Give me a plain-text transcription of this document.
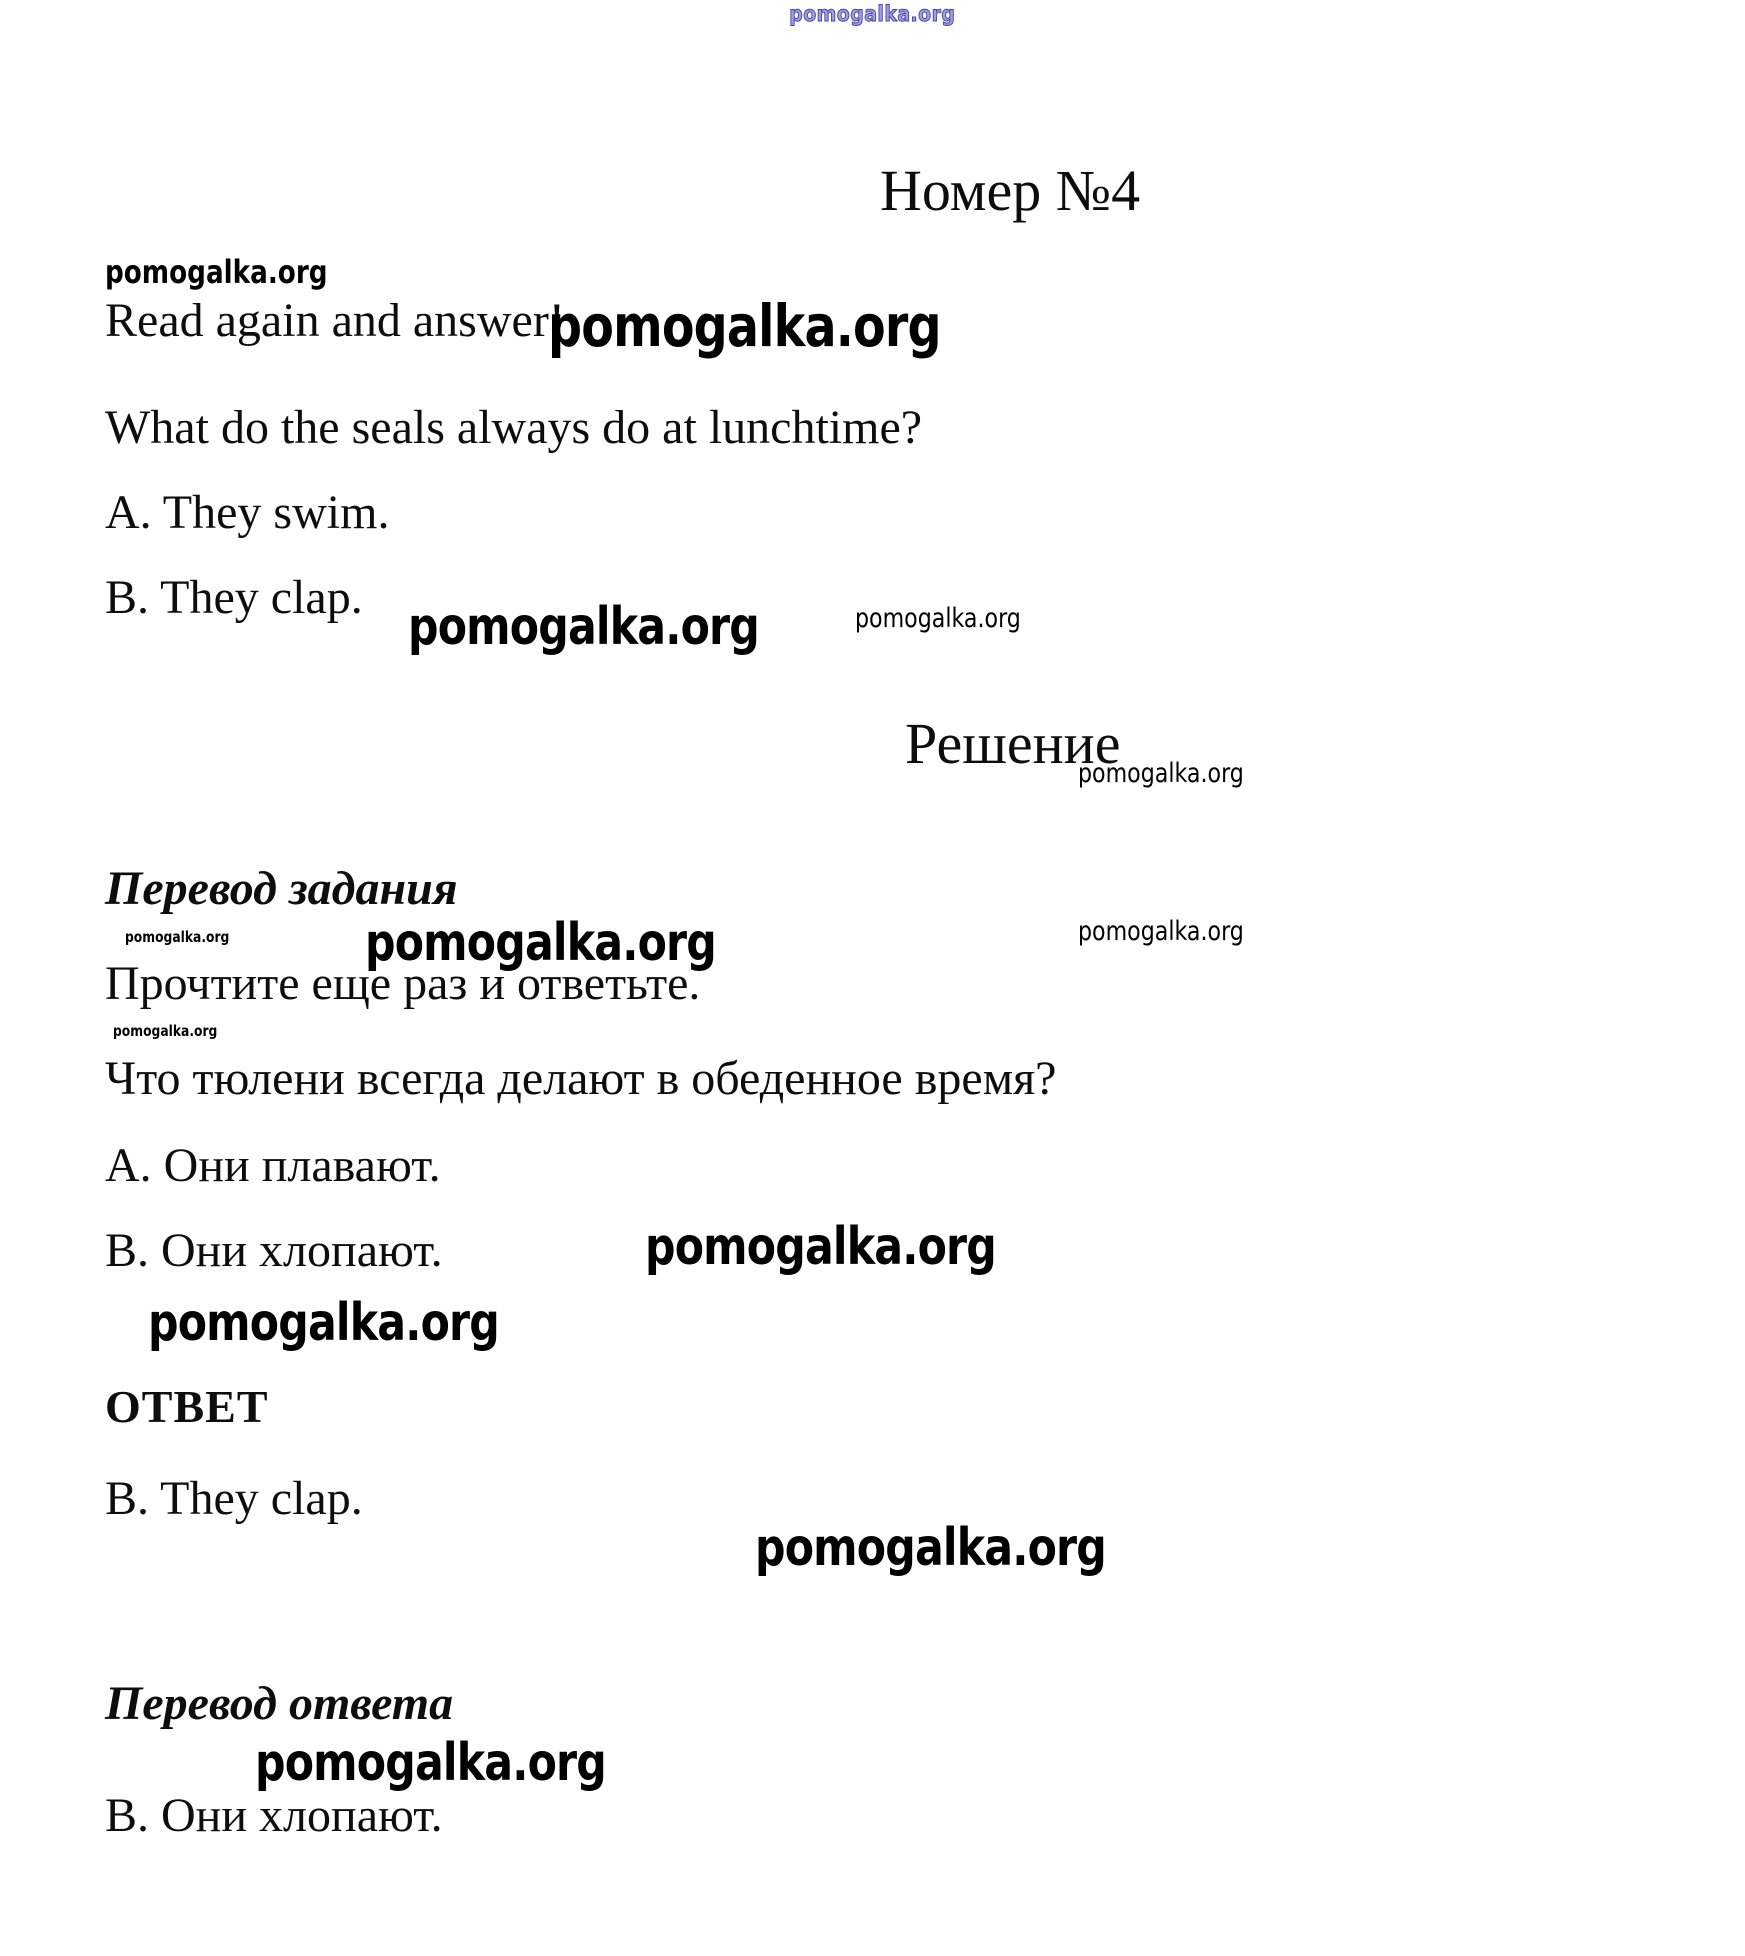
pomogalka.org
Номер №4
pomogalka.org
Read again and answer!
pomogalka.org
What do the seals always do at lunchtime?
A. They swim.
B. They clap. pomogalka.org	pomogalka.org
Решение
pomogalka.org
Перевод задания
pomogalka.org	pomogalka.org
pomogalka.org
Прочтите еще раз и ответьте.
pomogalka.org
Что тюлени всегда делают в обеденное время?
А. Они плавают.
В. Они хлопают.	pomogalka.org
pomogalka.org
ОТВЕТ
B. They clap.
pomogalka.org
Перевод ответа
pomogalka.org
В. Они хлопают.
